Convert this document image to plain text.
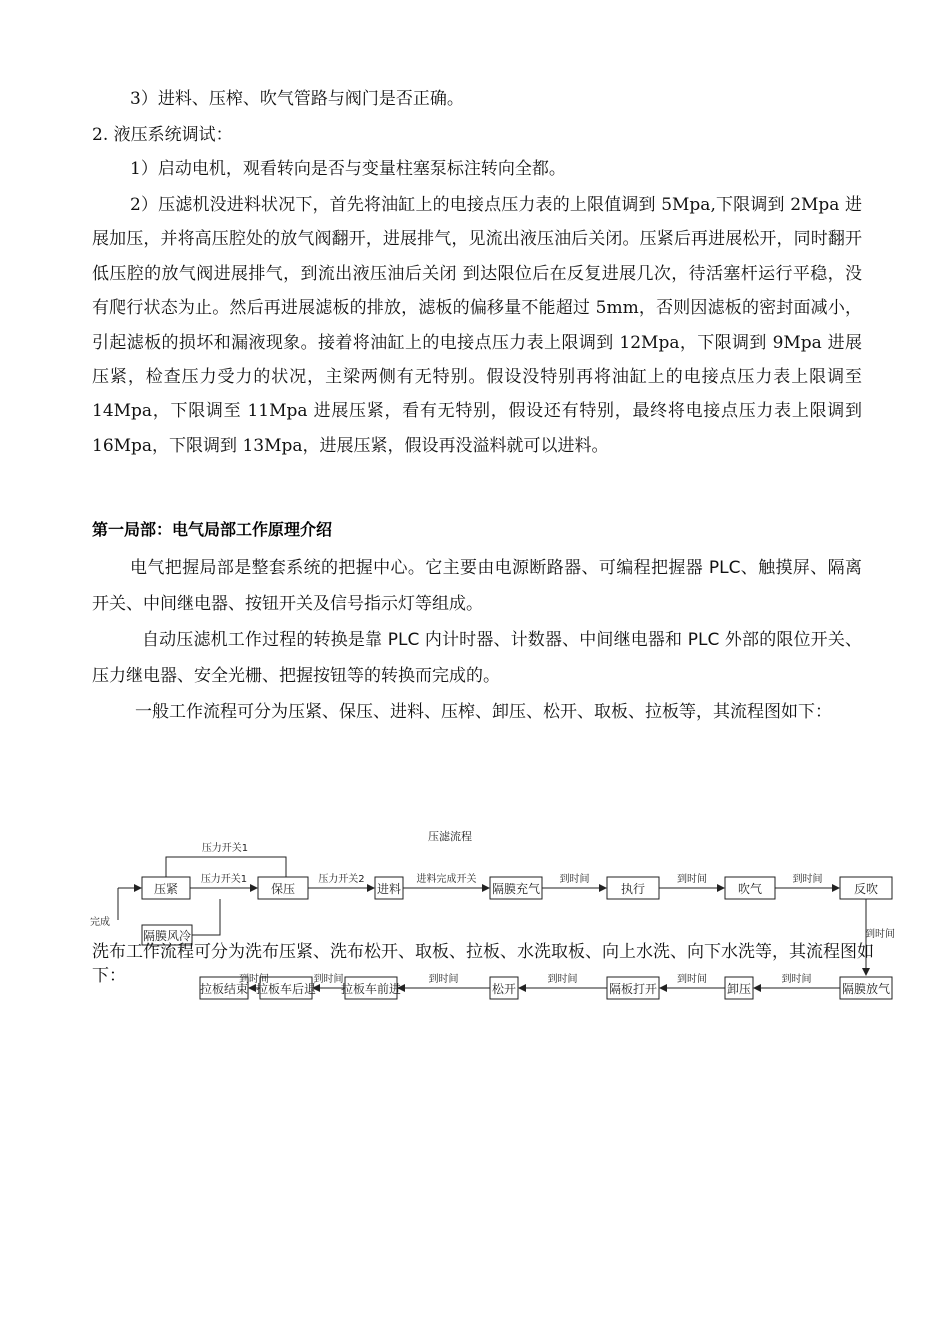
3）进料、压榨、吹气管路与阀门是否正确。
2. 液压系统调试：
1）启动电机，观看转向是否与变量柱塞泵标注转向全都。
2）压滤机没进料状况下，首先将油缸上的电接点压力表的上限值调到 5Mpa,下限调到 2Mpa 进展加压，并将高压腔处的放气阀翻开，进展排气，见流出液压油后关闭。压紧后再进展松开，同时翻开低压腔的放气阀进展排气，到流出液压油后关闭 到达限位后在反复进展几次，待活塞杆运行平稳，没有爬行状态为止。然后再进展滤板的排放，滤板的偏移量不能超过 5mm，否则因滤板的密封面减小，引起滤板的损坏和漏液现象。接着将油缸上的电接点压力表上限调到 12Mpa，下限调到 9Mpa 进展压紧，检查压力受力的状况，主梁两侧有无特别。假设没特别再将油缸上的电接点压力表上限调至 14Mpa，下限调至 11Mpa 进展压紧，看有无特别，假设还有特别，最终将电接点压力表上限调到 16Mpa，下限调到 13Mpa，进展压紧，假设再没溢料就可以进料。
第一局部：电气局部工作原理介绍
电气把握局部是整套系统的把握中心。它主要由电源断路器、可编程把握器 PLC、触摸屏、隔离开关、中间继电器、按钮开关及信号指示灯等组成。
自动压滤机工作过程的转换是靠 PLC 内计时器、计数器、中间继电器和 PLC 外部的限位开关、压力继电器、安全光栅、把握按钮等的转换而完成的。
一般工作流程可分为压紧、保压、进料、压榨、卸压、松开、取板、拉板等，其流程图如下：
压滤流程
压紧	保压	进料	隔膜充气	执行	吹气	反吹
压力开关1	压力开关2	进料完成开关	到时间	到时间	到时间
压力开关1
完成
拉板结束 拉板车后退 拉板车前进	松开	隔板打开	卸压	隔膜放气
到时间	到时间	到时间	到时间	到时间	到时间
隔膜风冷	到时间
洗布工作流程可分为洗布压紧、洗布松开、取板、拉板、水洗取板、向上水洗、向下水洗等，其流程图如下：
